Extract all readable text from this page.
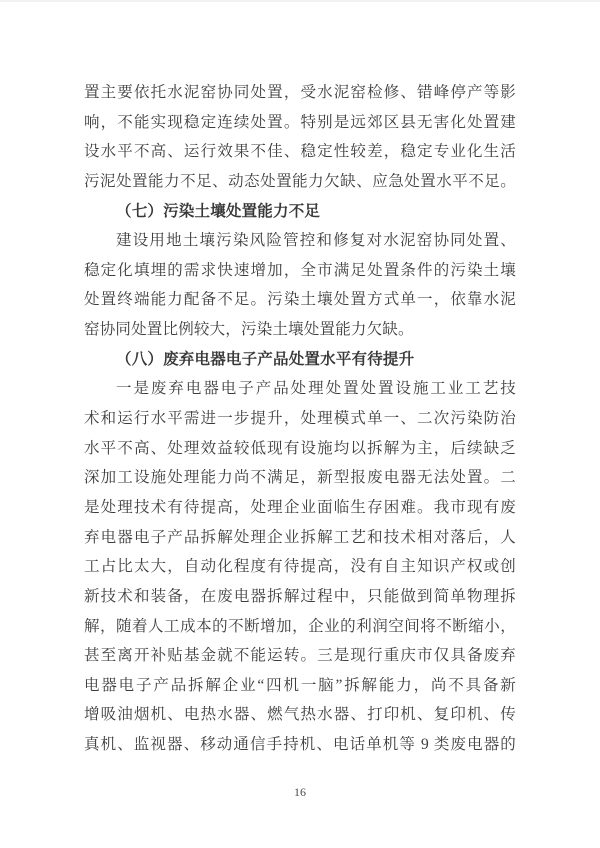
置主要依托水泥窑协同处置，受水泥窑检修、错峰停产等影
响，不能实现稳定连续处置。特别是远郊区县无害化处置建
设水平不高、运行效果不佳、稳定性较差，稳定专业化生活
污泥处置能力不足、动态处置能力欠缺、应急处置水平不足。
（七）污染土壤处置能力不足
建设用地土壤污染风险管控和修复对水泥窑协同处置、
稳定化填埋的需求快速增加，全市满足处置条件的污染土壤
处置终端能力配备不足。污染土壤处置方式单一，依靠水泥
窑协同处置比例较大，污染土壤处置能力欠缺。
（八）废弃电器电子产品处置水平有待提升
一是废弃电器电子产品处理处置处置设施工业工艺技
术和运行水平需进一步提升，处理模式单一、二次污染防治
水平不高、处理效益较低现有设施均以拆解为主，后续缺乏
深加工设施处理能力尚不满足，新型报废电器无法处置。二
是处理技术有待提高，处理企业面临生存困难。我市现有废
弃电器电子产品拆解处理企业拆解工艺和技术相对落后，人
工占比太大，自动化程度有待提高，没有自主知识产权或创
新技术和装备，在废电器拆解过程中，只能做到简单物理拆
解，随着人工成本的不断增加，企业的利润空间将不断缩小，
甚至离开补贴基金就不能运转。三是现行重庆市仅具备废弃
电器电子产品拆解企业“四机一脑”拆解能力，尚不具备新
增吸油烟机、电热水器、燃气热水器、打印机、复印机、传
真机、监视器、移动通信手持机、电话单机等 9 类废电器的
16
